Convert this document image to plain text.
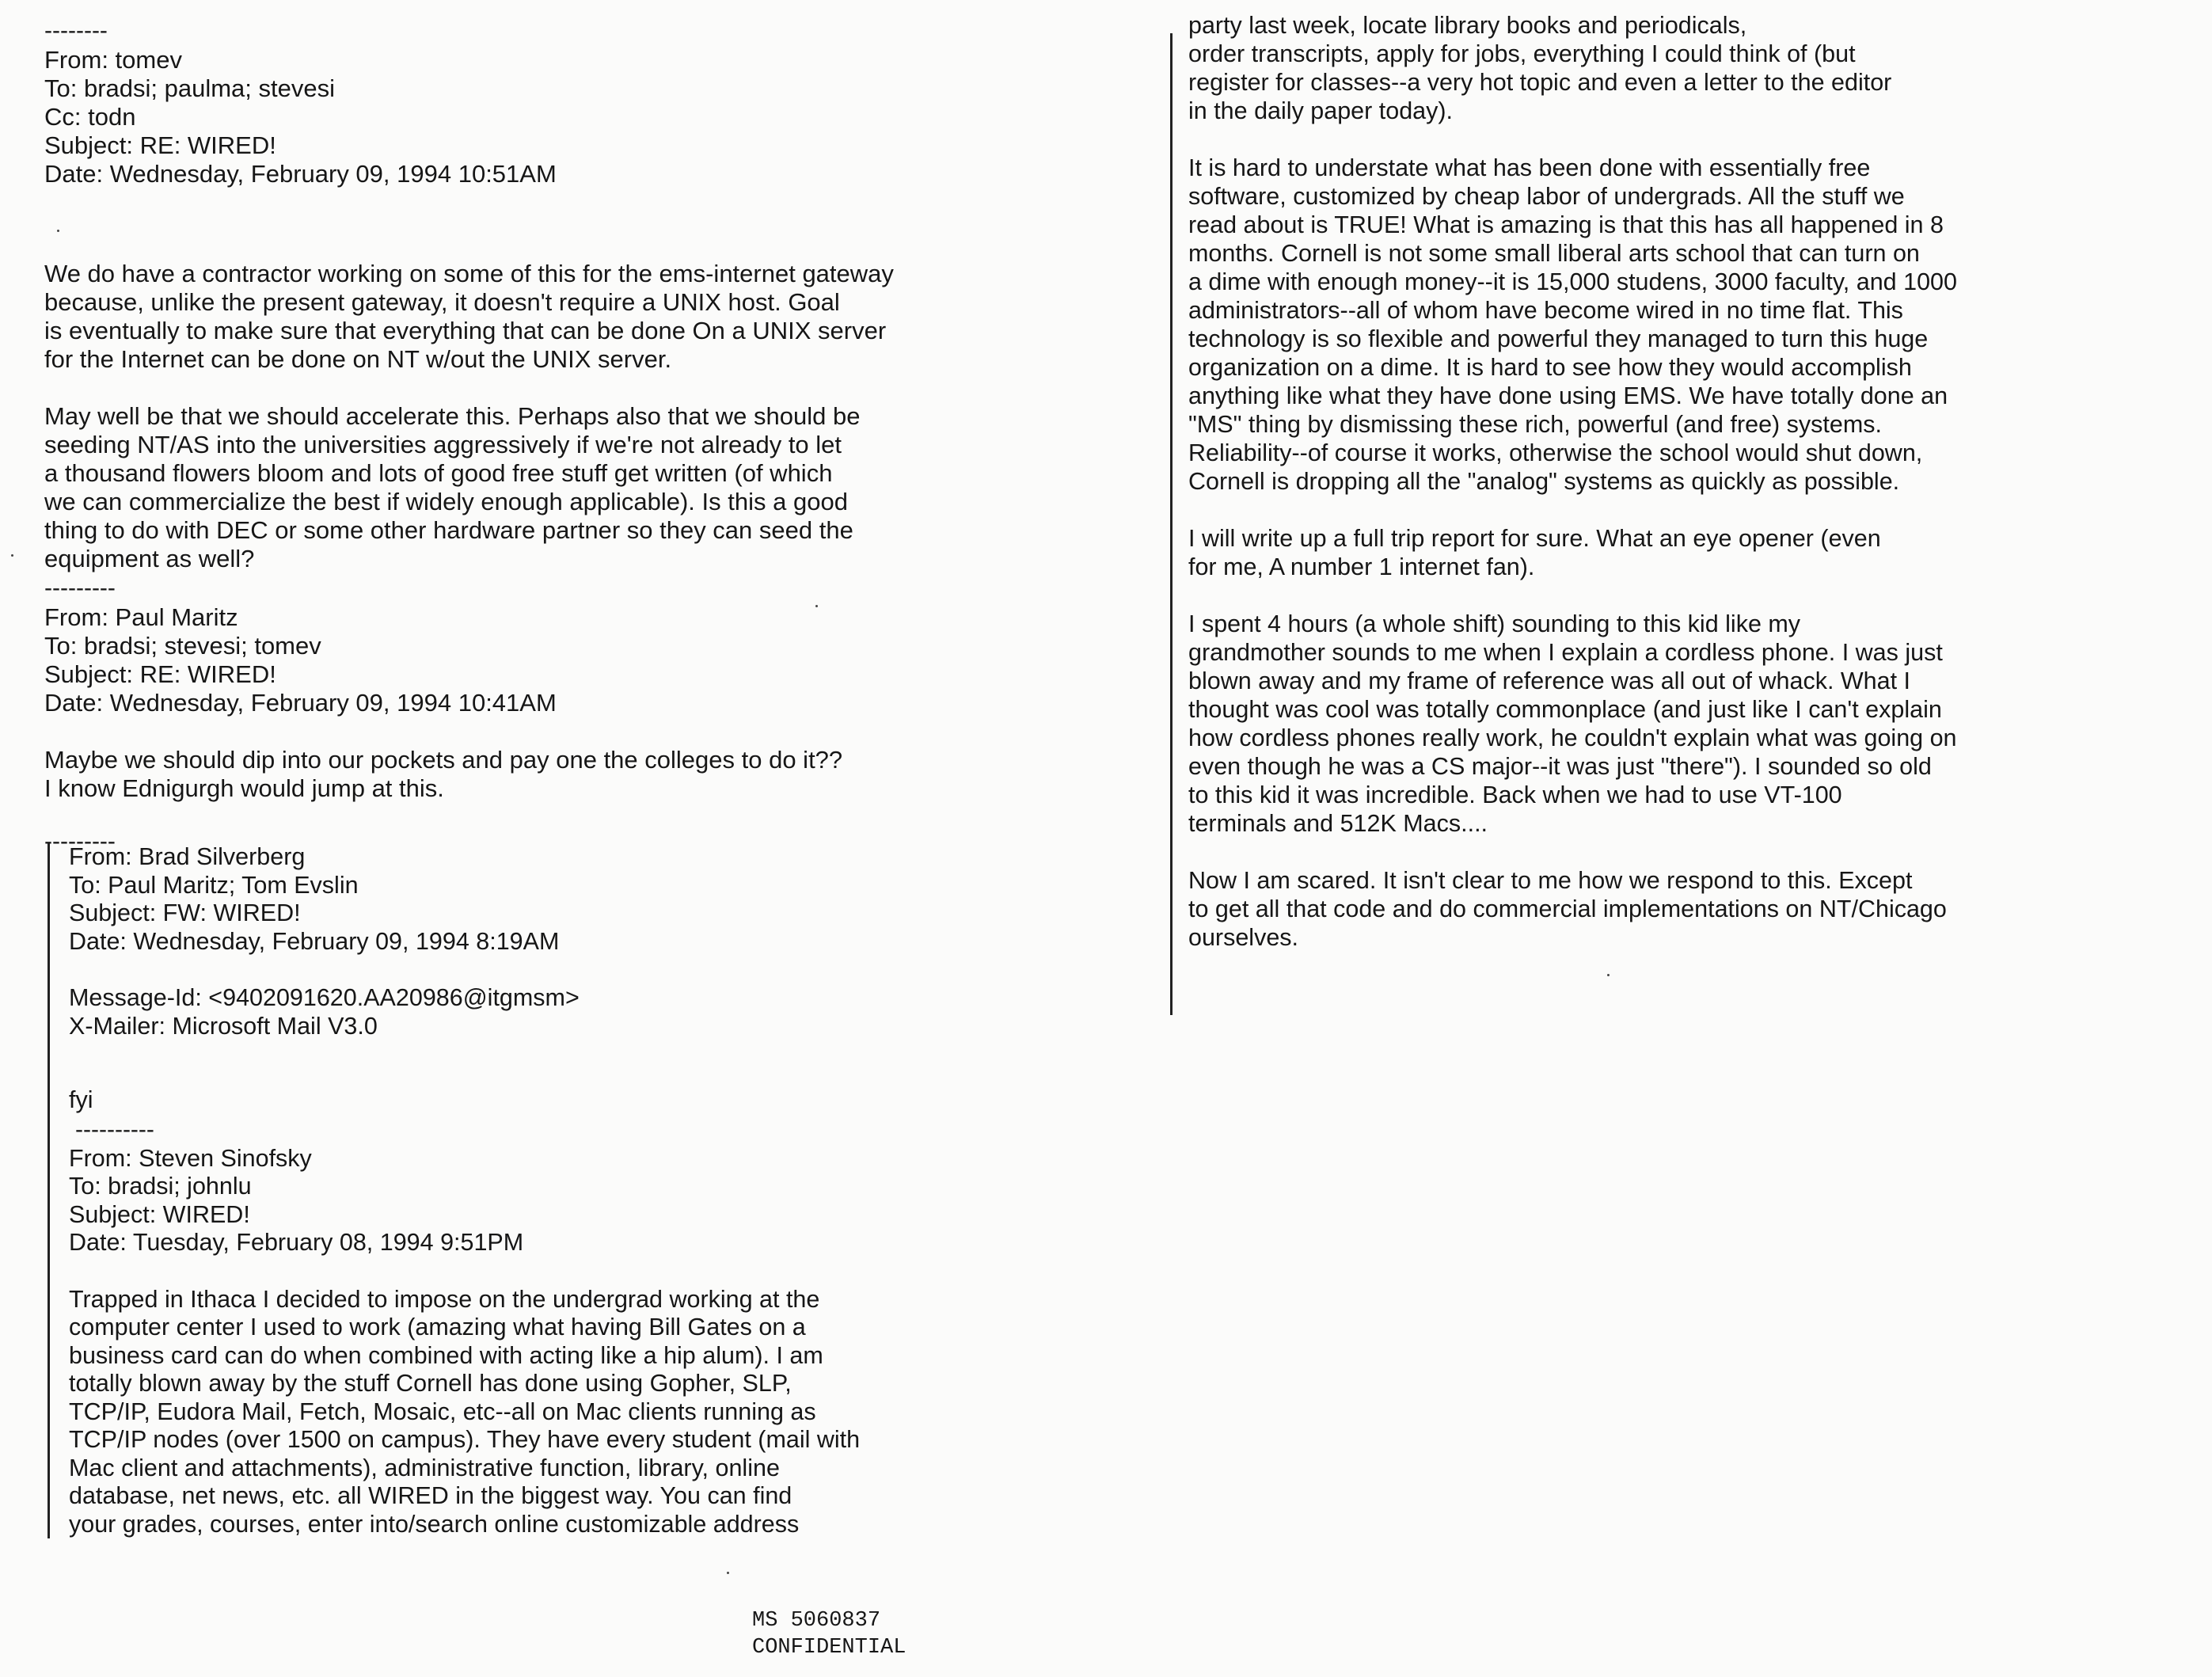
--------
From: tomev
To: bradsi; paulma; stevesi
Cc: todn
Subject: RE: WIRED!
Date: Wednesday, February 09, 1994 10:51AM

We do have a contractor working on some of this for the ems-internet gateway

because, unlike the present gateway, it doesn't require a UNIX host. Goal

is eventually to make sure that everything that can be done On a UNIX server

for the Internet can be done on NT w/out the UNIX server.

May well be that we should accelerate this. Perhaps also that we should be

seeding NT/AS into the universities aggressively if we're not already to let

a thousand flowers bloom and lots of good free stuff get written (of which

we can commercialize the best if widely enough applicable). Is this a good

thing to do with DEC or some other hardware partner so they can seed the

equipment as well?

---------
From: Paul Maritz
To: bradsi; stevesi; tomev
Subject: RE: WIRED!
Date: Wednesday, February 09, 1994 10:41AM

Maybe we should dip into our pockets and pay one the colleges to do it??

I know Ednigurgh would jump at this.

---------
From: Brad Silverberg
To: Paul Maritz; Tom Evslin
Subject: FW: WIRED!
Date: Wednesday, February 09, 1994 8:19AM
Message-Id: <9402091620.AA20986@itgmsm>
X-Mailer: Microsoft Mail V3.0

fyi

----------
From: Steven Sinofsky
To: bradsi; johnlu
Subject: WIRED!
Date: Tuesday, February 08, 1994 9:51PM

Trapped in Ithaca I decided to impose on the undergrad working at the

computer center I used to work (amazing what having Bill Gates on a

business card can do when combined with acting like a hip alum). I am

totally blown away by the stuff Cornell has done using Gopher, SLP,

TCP/IP, Eudora Mail, Fetch, Mosaic, etc--all on Mac clients running as

TCP/IP nodes (over 1500 on campus). They have every student (mail with

Mac client and attachments), administrative function, library, online

database, net news, etc. all WIRED in the biggest way. You can find

your grades, courses, enter into/search online customizable address

party last week, locate library books and periodicals,

order transcripts, apply for jobs, everything I could think of (but

register for classes--a very hot topic and even a letter to the editor

in the daily paper today).

It is hard to understate what has been done with essentially free

software, customized by cheap labor of undergrads. All the stuff we

read about is TRUE! What is amazing is that this has all happened in 8

months. Cornell is not some small liberal arts school that can turn on

a dime with enough money--it is 15,000 studens, 3000 faculty, and 1000

administrators--all of whom have become wired in no time flat. This

technology is so flexible and powerful they managed to turn this huge

organization on a dime. It is hard to see how they would accomplish

anything like what they have done using EMS. We have totally done an

"MS" thing by dismissing these rich, powerful (and free) systems.

Reliability--of course it works, otherwise the school would shut down,

Cornell is dropping all the "analog" systems as quickly as possible.

I will write up a full trip report for sure. What an eye opener (even

for me, A number 1 internet fan).

I spent 4 hours (a whole shift) sounding to this kid like my

grandmother sounds to me when I explain a cordless phone. I was just

blown away and my frame of reference was all out of whack. What I

thought was cool was totally commonplace (and just like I can't explain

how cordless phones really work, he couldn't explain what was going on

even though he was a CS major--it was just "there"). I sounded so old

to this kid it was incredible. Back when we had to use VT-100

terminals and 512K Macs....

Now I am scared. It isn't clear to me how we respond to this. Except

to get all that code and do commercial implementations on NT/Chicago

ourselves.

MS 5060837
CONFIDENTIAL
